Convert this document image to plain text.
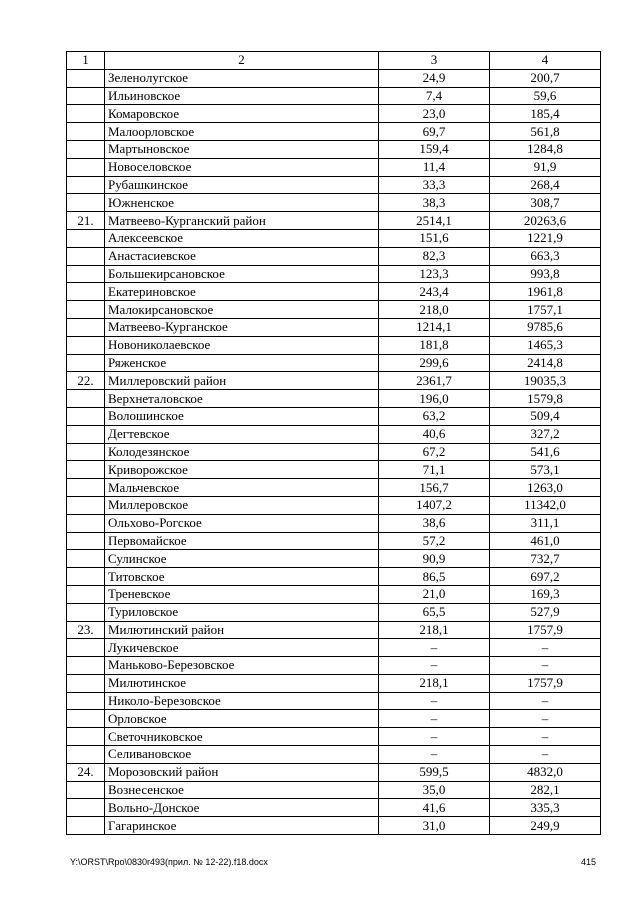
1	2	3	4
	Зеленолугское	24,9	200,7
	Ильиновское	7,4	59,6
	Комаровское	23,0	185,4
	Малоорловское	69,7	561,8
	Мартыновское	159,4	1284,8
	Новоселовское	11,4	91,9
	Рубашкинское	33,3	268,4
	Южненское	38,3	308,7
21.	Матвеево-Курганский район	2514,1	20263,6
	Алексеевское	151,6	1221,9
	Анастасиевское	82,3	663,3
	Большекирсановское	123,3	993,8
	Екатериновское	243,4	1961,8
	Малокирсановское	218,0	1757,1
	Матвеево-Курганское	1214,1	9785,6
	Новониколаевское	181,8	1465,3
	Ряженское	299,6	2414,8
22.	Миллеровский район	2361,7	19035,3
	Верхнеталовское	196,0	1579,8
	Волошинское	63,2	509,4
	Дегтевское	40,6	327,2
	Колодезянское	67,2	541,6
	Криворожское	71,1	573,1
	Мальчевское	156,7	1263,0
	Миллеровское	1407,2	11342,0
	Ольхово-Рогское	38,6	311,1
	Первомайское	57,2	461,0
	Сулинское	90,9	732,7
	Титовское	86,5	697,2
	Треневское	21,0	169,3
	Туриловское	65,5	527,9
23.	Милютинский район	218,1	1757,9
	Лукичевское	–	–
	Маньково-Березовское	–	–
	Милютинское	218,1	1757,9
	Николо-Березовское	–	–
	Орловское	–	–
	Светочниковское	–	–
	Селивановское	–	–
24.	Морозовский район	599,5	4832,0
	Вознесенское	35,0	282,1
	Вольно-Донское	41,6	335,3
	Гагаринское	31,0	249,9
Y:\ORST\Rpo\0830r493(прил. № 12-22).f18.docx	415
